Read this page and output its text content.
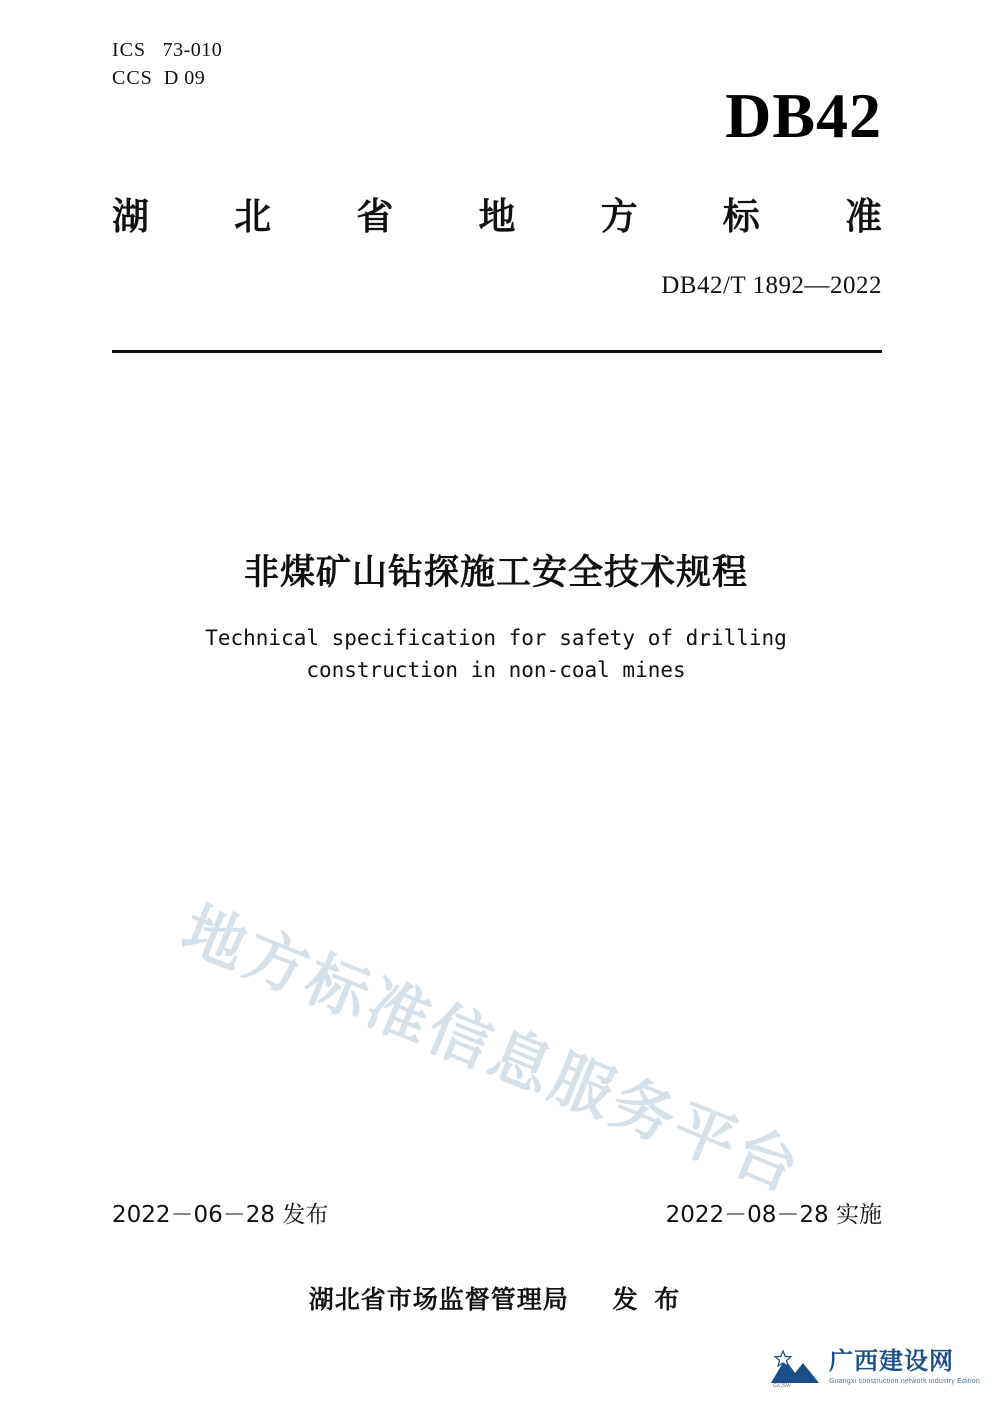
ICS 73-010
CCS D 09
DB42
湖 北 省 地 方 标 准
DB42/T 1892—2022
非煤矿山钻探施工安全技术规程
Technical specification for safety of drilling construction in non-coal mines
地方标准信息服务平台
2022－06－28 发布	2022－08－28 实施
湖北省市场监督管理局 发 布
GXJSW
广西建设网
Guangxi construction network industry Edition
